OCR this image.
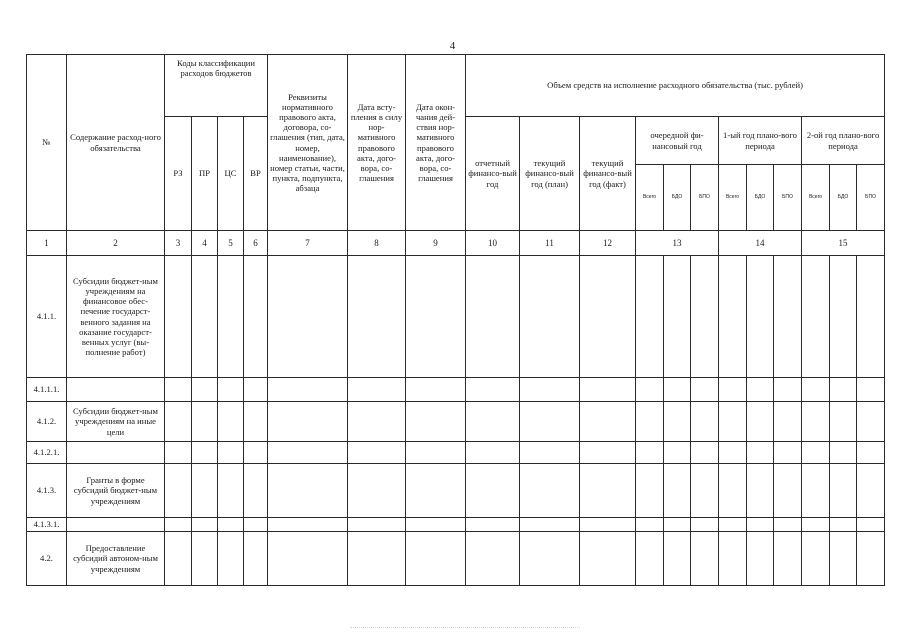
4
№	Содержание расход-ного обязательства	Коды классификации расходов бюджетов				Реквизиты нормативного правового акта, договора, со-глашения (тип, дата, номер, наименование), номер статьи, части, пункта, подпункта, абзаца	Дата всту-пления в силу нор-мативного правового акта, дого-вора, со-глашения	Дата окон-чания дей-ствия нор-мативного правового акта, дого-вора, со-глашения	Объем средств на исполнение расходного обязательства (тыс. рублей)											
		РЗ	ПР	ЦС	ВР				отчетный финансо-вый год	текущий финансо-вый год (план)	текущий финансо-вый год (факт)	очередной фи-нансовый год			1-ый год плано-вого периода			2-ой год плано-вого периода		
												Всего	БДО	БПО	Всего	БДО	БПО	Всего	БДО	БПО
1	2	3	4	5	6	7	8	9	10	11	12	13			14			15		
4.1.1.	Субсидии бюджет-ным учреждениям на финансовое обес-печение государст-венного задания на оказание государст-венных услуг (вы-полнение работ)																			
4.1.1.1.																				
4.1.2.	Субсидии бюджет-ным учреждениям на иные цели																			
4.1.2.1.																				
4.1.3.	Гранты в форме субсидий бюджет-ным учреждениям																			
4.1.3.1.																				
4.2.	Предоставление субсидий автоном-ным учреждениям																			
